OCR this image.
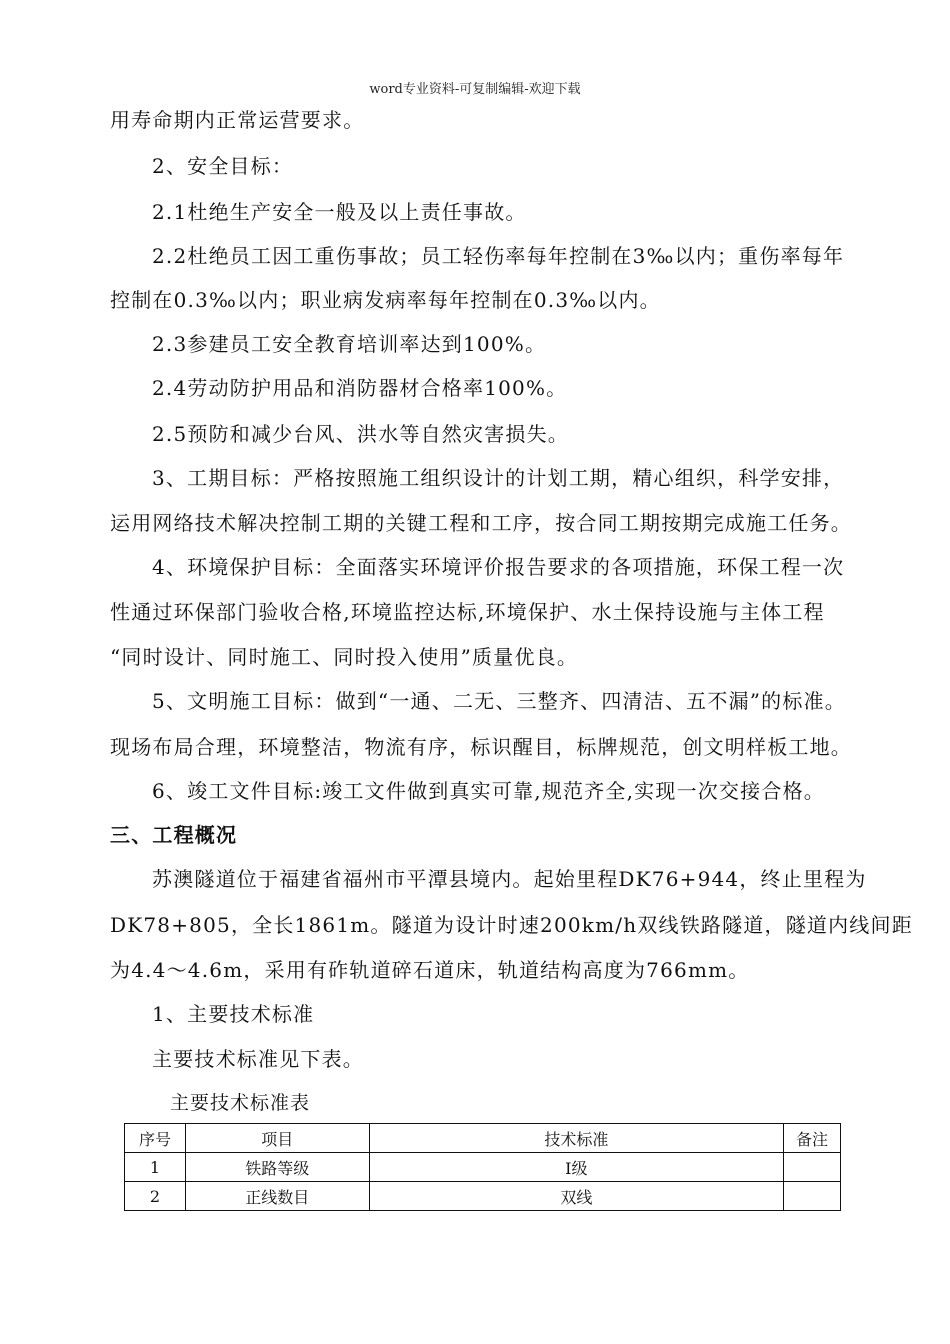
word专业资料-可复制编辑-欢迎下载
用寿命期内正常运营要求。
2、安全目标：
2.1杜绝生产安全一般及以上责任事故。
2.2杜绝员工因工重伤事故；员工轻伤率每年控制在3‰以内；重伤率每年
控制在0.3‰以内；职业病发病率每年控制在0.3‰以内。
2.3参建员工安全教育培训率达到100%。
2.4劳动防护用品和消防器材合格率100%。
2.5预防和减少台风、洪水等自然灾害损失。
3、工期目标：严格按照施工组织设计的计划工期，精心组织，科学安排，
运用网络技术解决控制工期的关键工程和工序，按合同工期按期完成施工任务。
4、环境保护目标：全面落实环境评价报告要求的各项措施，环保工程一次
性通过环保部门验收合格,环境监控达标,环境保护、水土保持设施与主体工程
“同时设计、同时施工、同时投入使用”质量优良。
5、文明施工目标：做到“一通、二无、三整齐、四清洁、五不漏”的标准。
现场布局合理，环境整洁，物流有序，标识醒目，标牌规范，创文明样板工地。
6、竣工文件目标:竣工文件做到真实可靠,规范齐全,实现一次交接合格。
三、工程概况
苏澳隧道位于福建省福州市平潭县境内。起始里程DK76+944，终止里程为
DK78+805，全长1861m。隧道为设计时速200km/h双线铁路隧道，隧道内线间距
为4.4～4.6m，采用有砟轨道碎石道床，轨道结构高度为766mm。
1、主要技术标准
主要技术标准见下表。
主要技术标准表
序号	项目	技术标准	备注
1	铁路等级	Ⅰ级	
2	正线数目	双线	
